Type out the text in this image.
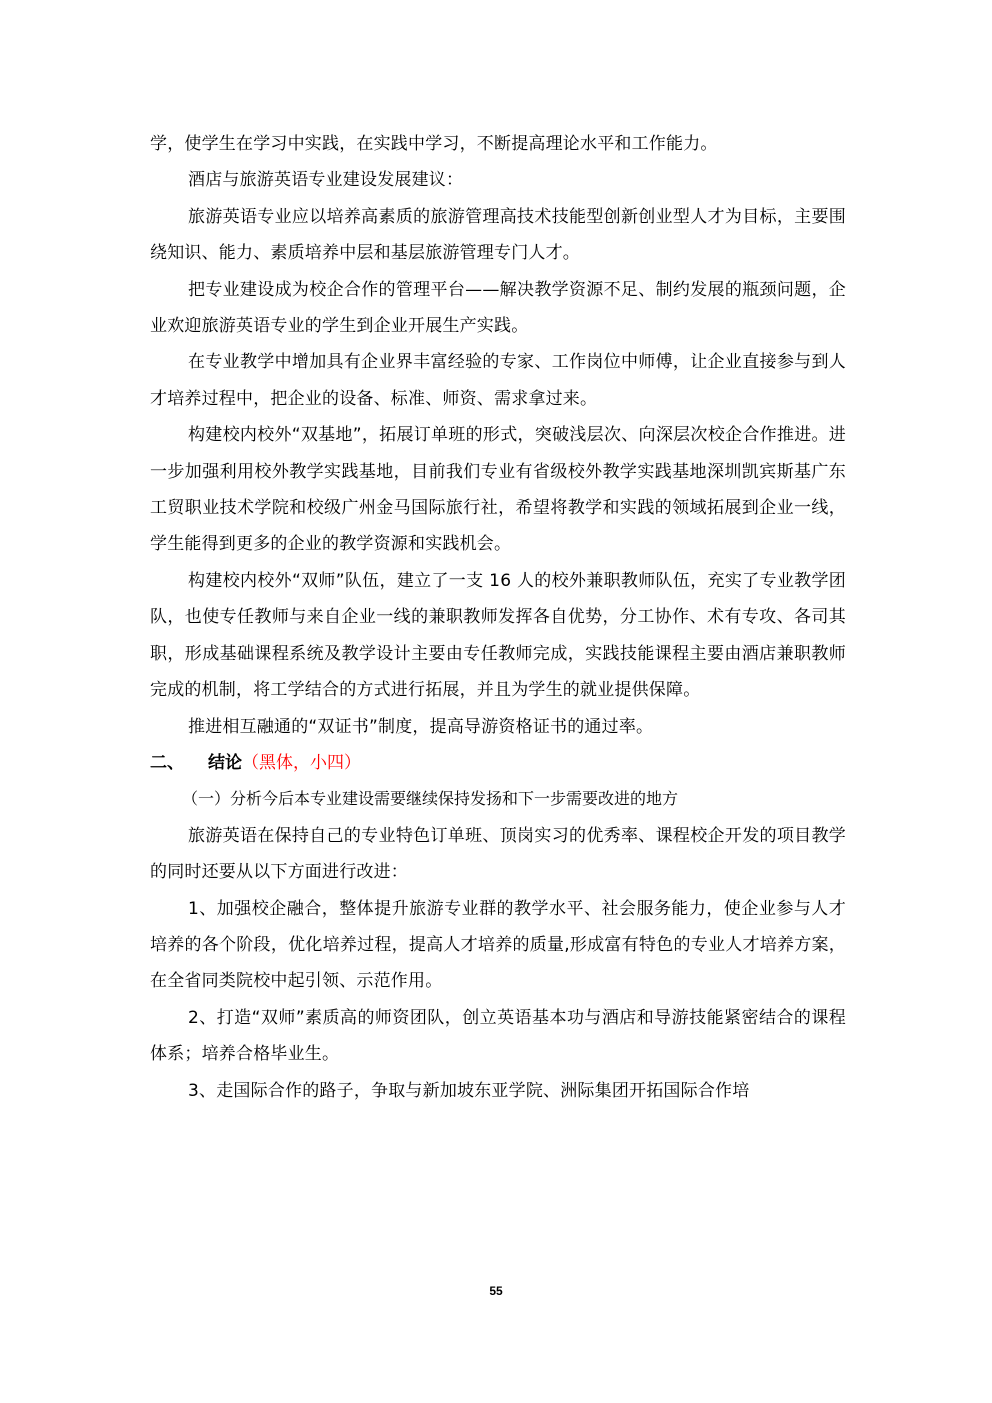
学，使学生在学习中实践，在实践中学习，不断提高理论水平和工作能力。

酒店与旅游英语专业建设发展建议：

旅游英语专业应以培养高素质的旅游管理高技术技能型创新创业型人才为目标，主要围绕知识、能力、素质培养中层和基层旅游管理专门人才。

把专业建设成为校企合作的管理平台——解决教学资源不足、制约发展的瓶颈问题，企业欢迎旅游英语专业的学生到企业开展生产实践。

在专业教学中增加具有企业界丰富经验的专家、工作岗位中师傅，让企业直接参与到人才培养过程中，把企业的设备、标准、师资、需求拿过来。

构建校内校外“双基地”，拓展订单班的形式，突破浅层次、向深层次校企合作推进。进一步加强利用校外教学实践基地，目前我们专业有省级校外教学实践基地深圳凯宾斯基广东工贸职业技术学院和校级广州金马国际旅行社，希望将教学和实践的领域拓展到企业一线，学生能得到更多的企业的教学资源和实践机会。

构建校内校外“双师”队伍，建立了一支 16 人的校外兼职教师队伍，充实了专业教学团队，也使专任教师与来自企业一线的兼职教师发挥各自优势，分工协作、术有专攻、各司其职，形成基础课程系统及教学设计主要由专任教师完成，实践技能课程主要由酒店兼职教师完成的机制，将工学结合的方式进行拓展，并且为学生的就业提供保障。

推进相互融通的“双证书”制度，提高导游资格证书的通过率。

二、 结论（黑体，小四）

（一）分析今后本专业建设需要继续保持发扬和下一步需要改进的地方

旅游英语在保持自己的专业特色订单班、顶岗实习的优秀率、课程校企开发的项目教学的同时还要从以下方面进行改进：

1、加强校企融合，整体提升旅游专业群的教学水平、社会服务能力，使企业参与人才培养的各个阶段，优化培养过程，提高人才培养的质量,形成富有特色的专业人才培养方案，在全省同类院校中起引领、示范作用。

2、打造“双师”素质高的师资团队，创立英语基本功与酒店和导游技能紧密结合的课程体系；培养合格毕业生。

3、走国际合作的路子，争取与新加坡东亚学院、洲际集团开拓国际合作培

55
